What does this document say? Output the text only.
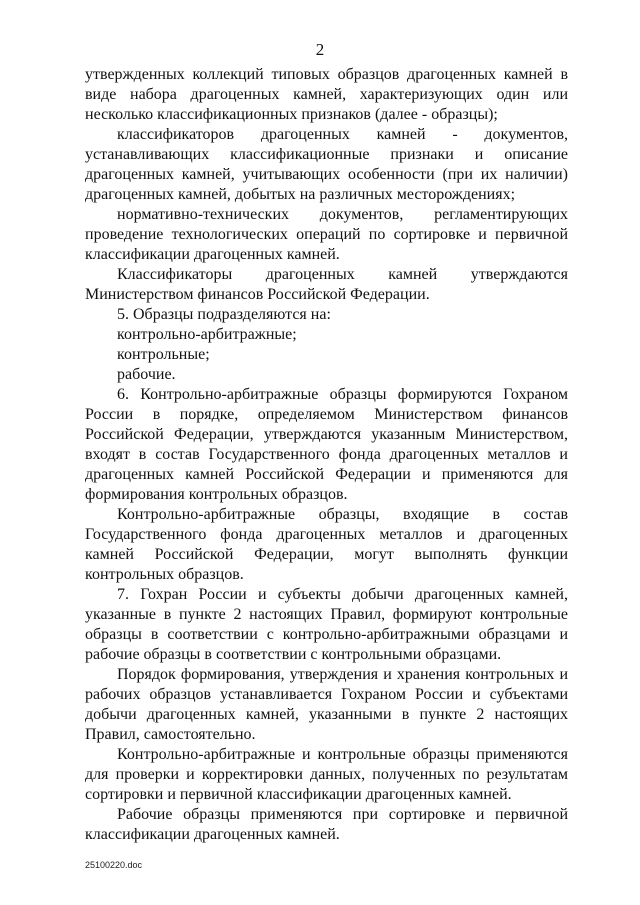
2

утвержденных коллекций типовых образцов драгоценных камней в виде набора драгоценных камней, характеризующих один или несколько классификационных признаков (далее - образцы);

классификаторов драгоценных камней - документов, устанавливающих классификационные признаки и описание драгоценных камней, учитывающих особенности (при их наличии) драгоценных камней, добытых на различных месторождениях;

нормативно-технических документов, регламентирующих проведение технологических операций по сортировке и первичной классификации драгоценных камней.

Классификаторы драгоценных камней утверждаются Министерством финансов Российской Федерации.

5. Образцы подразделяются на:

контрольно-арбитражные;

контрольные;

рабочие.

6. Контрольно-арбитражные образцы формируются Гохраном России в порядке, определяемом Министерством финансов Российской Федерации, утверждаются указанным Министерством, входят в состав Государственного фонда драгоценных металлов и драгоценных камней Российской Федерации и применяются для формирования контрольных образцов.

Контрольно-арбитражные образцы, входящие в состав Государственного фонда драгоценных металлов и драгоценных камней Российской Федерации, могут выполнять функции контрольных образцов.

7. Гохран России и субъекты добычи драгоценных камней, указанные в пункте 2 настоящих Правил, формируют контрольные образцы в соответствии с контрольно-арбитражными образцами и рабочие образцы в соответствии с контрольными образцами.

Порядок формирования, утверждения и хранения контрольных и рабочих образцов устанавливается Гохраном России и субъектами добычи драгоценных камней, указанными в пункте 2 настоящих Правил, самостоятельно.

Контрольно-арбитражные и контрольные образцы применяются для проверки и корректировки данных, полученных по результатам сортировки и первичной классификации драгоценных камней.

Рабочие образцы применяются при сортировке и первичной классификации драгоценных камней.

25100220.doc
